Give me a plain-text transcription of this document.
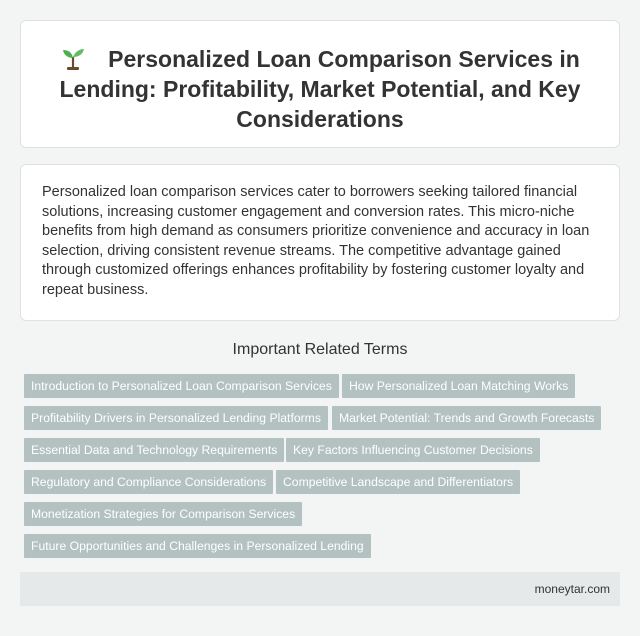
Personalized Loan Comparison Services in Lending: Profitability, Market Potential, and Key Considerations

Personalized loan comparison services cater to borrowers seeking tailored financial solutions, increasing customer engagement and conversion rates. This micro-niche benefits from high demand as consumers prioritize convenience and accuracy in loan selection, driving consistent revenue streams. The competitive advantage gained through customized offerings enhances profitability by fostering customer loyalty and repeat business.

Important Related Terms
Introduction to Personalized Loan Comparison Services	How Personalized Loan Matching Works
Profitability Drivers in Personalized Lending Platforms	Market Potential: Trends and Growth Forecasts
Essential Data and Technology Requirements	Key Factors Influencing Customer Decisions
Regulatory and Compliance Considerations	Competitive Landscape and Differentiators
Monetization Strategies for Comparison Services
Future Opportunities and Challenges in Personalized Lending
moneytar.com
